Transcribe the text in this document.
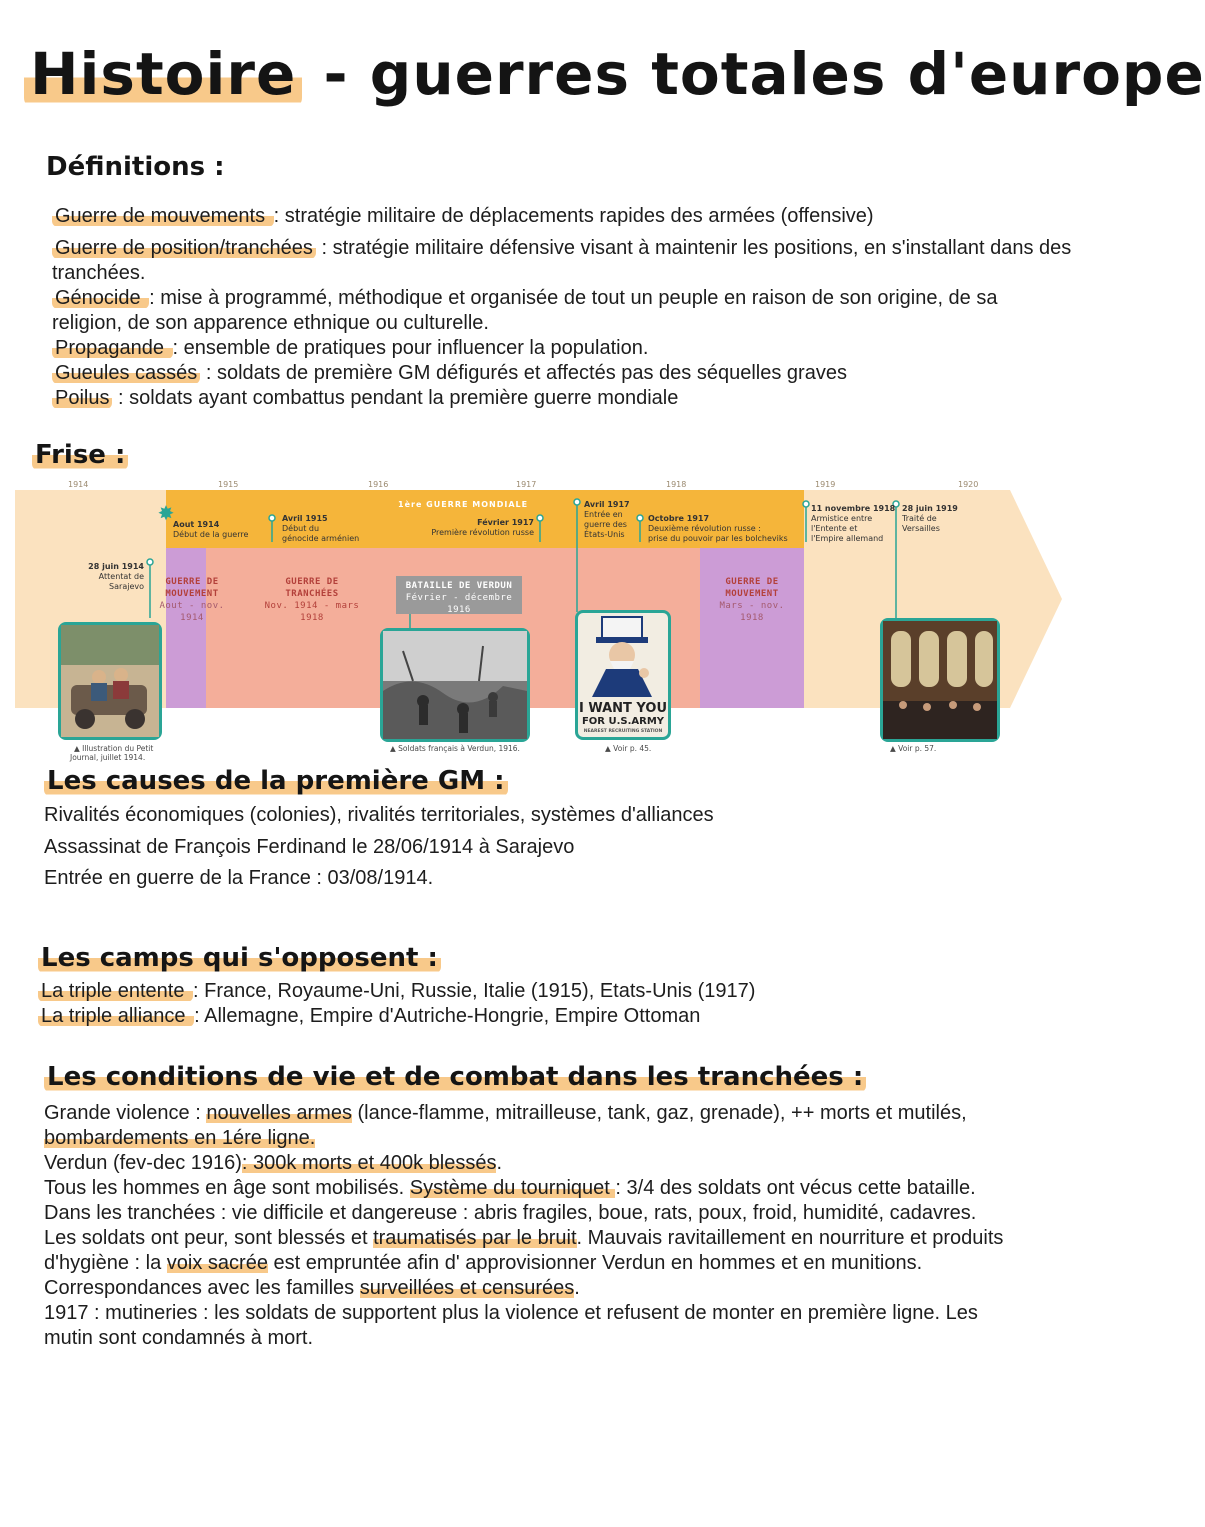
Histoire - guerres totales d'europe
Définitions :

Guerre de mouvements : stratégie militaire de déplacements rapides des armées (offensive)

Guerre de position/tranchées : stratégie militaire défensive visant à maintenir les positions, en s'installant dans des tranchées.

Génocide : mise à programmé, méthodique et organisée de tout un peuple en raison de son origine, de sa religion, de son apparence ethnique ou culturelle.

Propagande : ensemble de pratiques pour influencer la population.

Gueules cassés : soldats de première GM défigurés et affectés pas des séquelles graves

Poilus : soldats ayant combattus pendant la première guerre mondiale

Frise :
✸
1914	1915	1916	1917	1918	1919	1920
1ère GUERRE MONDIALE
28 juin 1914
Attentat de
Sarajevo
Aout 1914
Début de la guerre
Avril 1915
Début du
génocide arménien
Février 1917
Première révolution russe
Avril 1917
Entrée en
guerre des
États-Unis
Octobre 1917
Deuxième révolution russe :
prise du pouvoir par les bolcheviks
11 novembre 1918
Armistice entre
l'Entente et
l'Empire allemand
28 juin 1919
Traité de
Versailles
GUERRE DE
MOUVEMENT
Aout - nov. 1914
GUERRE DE
TRANCHÉES
Nov. 1914 - mars 1918
BATAILLE DE VERDUN
Février - décembre 1916
GUERRE DE
MOUVEMENT
Mars - nov. 1918
I WANT YOU
FOR U.S.ARMY
NEAREST RECRUITING STATION
▲ Illustration du Petit
Journal, juillet 1914.
▲ Soldats français à Verdun, 1916.	▲ Voir p. 45.	▲ Voir p. 57.
Les causes de la première GM :

Rivalités économiques (colonies), rivalités territoriales, systèmes d'alliances

Assassinat de François Ferdinand le 28/06/1914 à Sarajevo

Entrée en guerre de la France : 03/08/1914.

Les camps qui s'opposent :

La triple entente : France, Royaume-Uni, Russie, Italie (1915), Etats-Unis (1917)

La triple alliance : Allemagne, Empire d'Autriche-Hongrie, Empire Ottoman

Les conditions de vie et de combat dans les tranchées :

Grande violence : nouvelles armes (lance-flamme, mitrailleuse, tank, gaz, grenade), ++ morts et mutilés, bombardements en 1ére ligne.

Verdun (fev-dec 1916): 300k morts et 400k blessés.

Tous les hommes en âge sont mobilisés. Système du tourniquet : 3/4 des soldats ont vécus cette bataille.

Dans les tranchées : vie difficile et dangereuse : abris fragiles, boue, rats, poux, froid, humidité, cadavres. Les soldats ont peur, sont blessés et traumatisés par le bruit. Mauvais ravitaillement en nourriture et produits d'hygiène : la voix sacrée est empruntée afin d' approvisionner Verdun en hommes et en munitions.

Correspondances avec les familles surveillées et censurées.

1917 : mutineries : les soldats de supportent plus la violence et refusent de monter en première ligne. Les mutin sont condamnés à mort.
